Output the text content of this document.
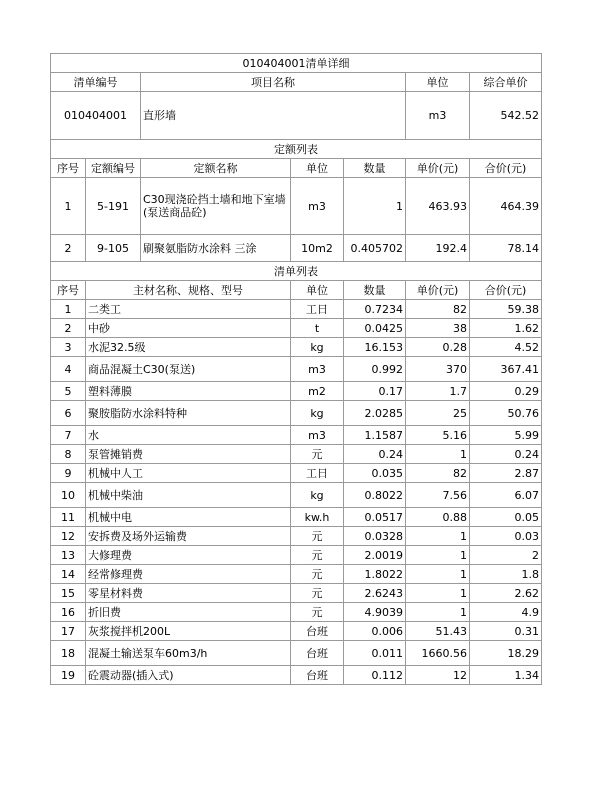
010404001清单详细						
清单编号		项目名称			单位	综合单价
010404001		直形墙			m3	542.52
定额列表						
序号	定额编号	定额名称	单位	数量	单价(元)	合价(元)
1	5-191	C30现浇砼挡土墙和地下室墙(泵送商品砼)	m3	1	463.93	464.39
2	9-105	刷聚氨脂防水涂料 三涂	10m2	0.405702	192.4	78.14
清单列表						
序号	主材名称、规格、型号		单位	数量	单价(元)	合价(元)
1	二类工		工日	0.7234	82	59.38
2	中砂		t	0.0425	38	1.62
3	水泥32.5级		kg	16.153	0.28	4.52
4	商品混凝土C30(泵送)		m3	0.992	370	367.41
5	塑料薄膜		m2	0.17	1.7	0.29
6	聚胺脂防水涂料特种		kg	2.0285	25	50.76
7	水		m3	1.1587	5.16	5.99
8	泵管摊销费		元	0.24	1	0.24
9	机械中人工		工日	0.035	82	2.87
10	机械中柴油		kg	0.8022	7.56	6.07
11	机械中电		kw.h	0.0517	0.88	0.05
12	安拆费及场外运输费		元	0.0328	1	0.03
13	大修理费		元	2.0019	1	2
14	经常修理费		元	1.8022	1	1.8
15	零星材料费		元	2.6243	1	2.62
16	折旧费		元	4.9039	1	4.9
17	灰浆搅拌机200L		台班	0.006	51.43	0.31
18	混凝土输送泵车60m3/h		台班	0.011	1660.56	18.29
19	砼震动器(插入式)		台班	0.112	12	1.34
